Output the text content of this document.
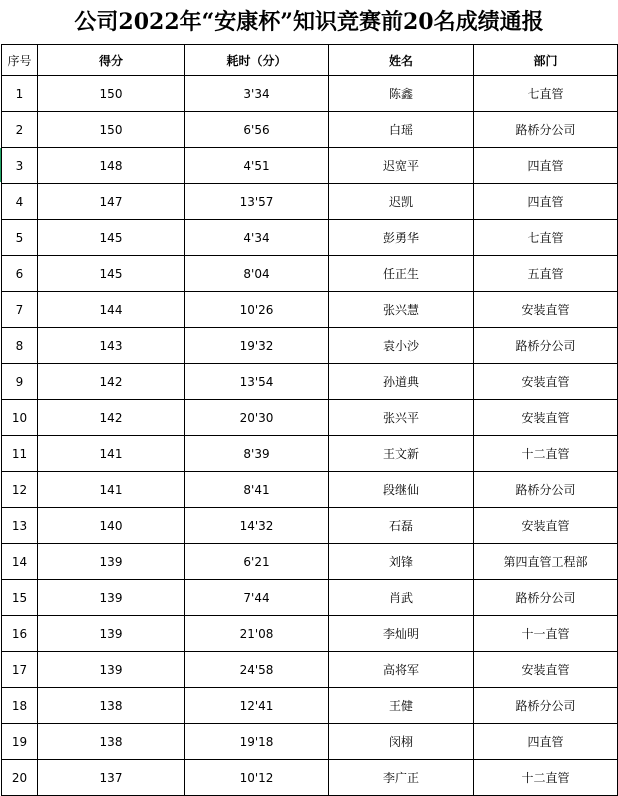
公司2022年“安康杯”知识竞赛前20名成绩通报
序号	得分	耗时（分）	姓名	部门
1	150	3'34	陈鑫	七直管
2	150	6'56	白瑶	路桥分公司
3	148	4'51	迟宽平	四直管
4	147	13'57	迟凯	四直管
5	145	4'34	彭勇华	七直管
6	145	8'04	任正生	五直管
7	144	10'26	张兴慧	安装直管
8	143	19'32	袁小沙	路桥分公司
9	142	13'54	孙道典	安装直管
10	142	20'30	张兴平	安装直管
11	141	8'39	王文新	十二直管
12	141	8'41	段继仙	路桥分公司
13	140	14'32	石磊	安装直管
14	139	6'21	刘锋	第四直管工程部
15	139	7'44	肖武	路桥分公司
16	139	21'08	李灿明	十一直管
17	139	24'58	高将军	安装直管
18	138	12'41	王健	路桥分公司
19	138	19'18	闵栩	四直管
20	137	10'12	李广正	十二直管
